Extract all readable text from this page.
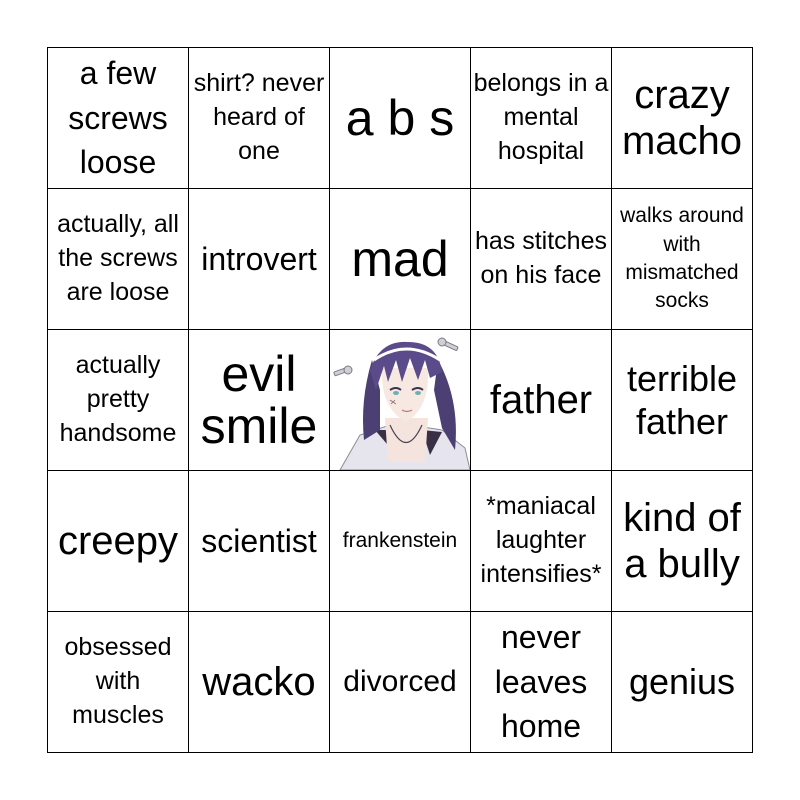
a few screws loose
shirt? never heard of one
a b s
belongs in a mental hospital
crazy macho
actually, all the screws are loose
introvert mad has stitches on his face
walks around with mismatched socks
actually pretty handsome
evil smile	father terrible father
creepy scientist frankenstein
*maniacal laughter intensifies*
kind of a bully
obsessed with muscles
wacko divorced
never leaves home
genius
